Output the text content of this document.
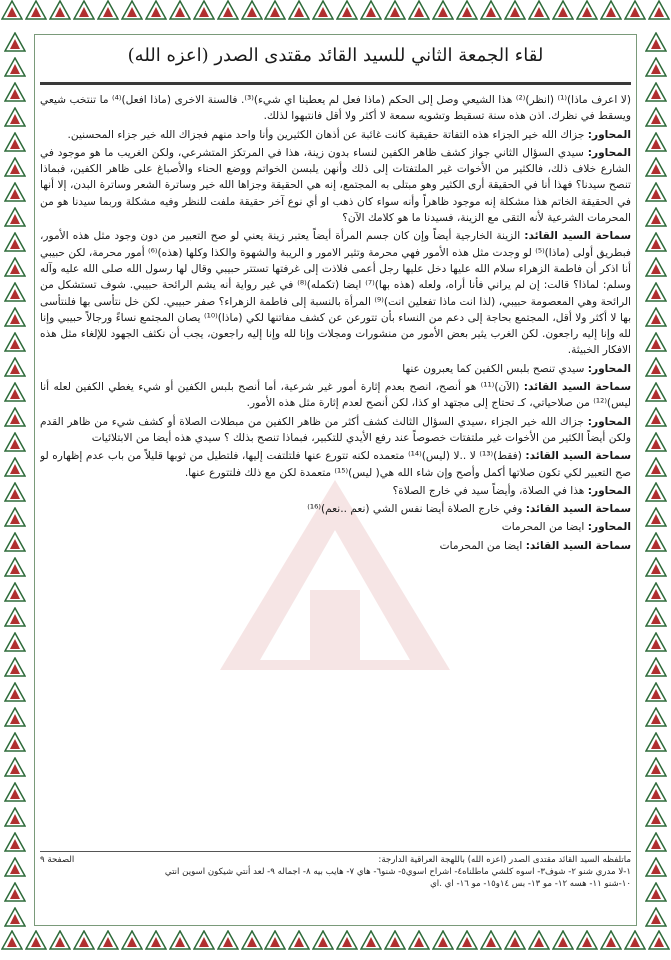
لقاء الجمعة الثاني للسيد القائد مقتدى الصدر (اعزه الله)

(لا اعرف ماذا)⁽¹⁾ (انظر)⁽²⁾ هذا الشيعي وصل إلى الحكم (ماذا فعل لم يعطينا اي شيء)⁽³⁾. فالسنة الاخرى (ماذا افعل)⁽⁴⁾ ما تنتخب شيعي ويسقط في نظرك. اذن هذه سنة تسقيط وتشويه سمعة لا أكثر ولا أقل فانتبهوا لذلك.

المحاور: جزاك الله خير الجزاء هذه التفاتة حقيقية كانت غائبة عن أذهان الكثيرين وأنا واحد منهم فجزاك الله خير جزاء المحسنين.

المحاور: سيدي السؤال الثاني جواز كشف ظاهر الكفين لنساء بدون زينة، هذا في المرتكز المتشرعي، ولكن الغريب ما هو موجود في الشارع خلاف ذلك، فالكثير من الأخوات غير الملتفتات إلى ذلك وأنهن يلبسن الخواتم ووضع الحناء والأصباغ على ظاهر الكفين، فبماذا تنصح سيدنا؟ فهذا أنا في الحقيقة أرى الكثير وهو مبتلى به المجتمع، إنه هي الحقيقة وجزاها الله خير وساترة الشعر وساترة البدن، إلا أنها في الحقيقة الخاتم هذا مشكلة إنه موجود ظاهراً وأنه سواء كان ذهب او أي نوع آخر حقيقة ملفت للنظر وفيه مشكلة وربما سيدنا هو من المحرمات الشرعية لأنه التقى مع الزينة، فسيدنا ما هو كلامك الآن؟

سماحة السيد القائد: الزينة الخارجية أيضاً وإن كان جسم المرأة أيضاً يعتبر زينة يعني لو صح التعبير من دون وجود مثل هذه الأمور، فبطريق أولى (ماذا)⁽⁵⁾ لو وجدت مثل هذه الأمور فهي محرمة وتثير الامور و الريبة والشهوة والكذا وكلها (هذه)⁽⁶⁾ أمور محرمة، لكن حبيبي أنا اذكر أن فاطمة الزهراء سلام الله عليها دخل عليها رجل أعمى فلاذت إلى غرفتها تستتر حبيبي وقال لها رسول الله صلى الله عليه وآله وسلم: لماذا؟ قالت: إن لم يراني فأنا أراه، ولعله (هذه بها)⁽⁷⁾ ايضا (تكمله)⁽⁸⁾ في غير رواية أنه يشم الرائحة حبيبي. شوف تستشكل من الرائحة وهي المعصومة حبيبي، (لذا انت ماذا تفعلين انت)⁽⁹⁾ المرأة بالنسبة إلى فاطمة الزهراء؟ صفر حبيبي. لكن خل نتأسى بها فلنتأسى بها لا أكثر ولا أقل، المجتمع بحاجة إلى دعم من النساء بأن تتورعن عن كشف مفاتنها لكي (ماذا)⁽¹⁰⁾ يصان المجتمع نساءً ورجالاً حبيبي وإنا لله وإنا إليه راجعون. لكن الغرب يثير بعض الأمور من منشورات ومجلات وإنا لله وإنا إليه راجعون، يجب أن نكثف الجهود للإلغاء مثل هذه الافكار الخبيثة.

المحاور: سيدي تنصح بلبس الكفين كما يعبرون عنها

سماحة السيد القائد: (الآن)⁽¹¹⁾ هو أنصح، انصح بعدم إثارة أمور غير شرعية، أما أنصح بلبس الكفين أو شيء يغطي الكفين لعله أنا ليس)⁽¹²⁾ من صلاحياتي، كـ تحتاج إلى مجتهد او كذا، لكن أنصح لعدم إثارة مثل هذه الأمور.

المحاور: جزاك الله خير الجزاء ،سيدي السؤال الثالث كشف أكثر من ظاهر الكفين من مبطلات الصلاة أو كشف شيء من ظاهر القدم ولكن أيضاً الكثير من الأخوات غير ملتفتات خصوصاً عند رفع الأيدي للتكبير، فبماذا تنصح بذلك ؟ سيدي هذه أيضا من الابتلائيات

سماحة السيد القائد: (فقط)⁽¹³⁾ لا ..لا (ليس)⁽¹⁴⁾ متعمده لكنه تتورع عنها فلتلتفت إليها، فلتطيل من ثوبها قليلاً من باب عدم إظهاره لو صح التعبير لكي تكون صلاتها أكمل وأصح وإن شاء الله هي( ليس)⁽¹⁵⁾ متعمدة لكن مع ذلك فلتتورع عنها.

المحاور: هذا في الصلاة، وأيضاً سيد في خارج الصلاة؟

سماحة السيد القائد: وفي خارج الصلاة أيضا نفس الشي (نعم ..نعم)⁽¹⁶⁾

المحاور: ايضا من المحرمات

سماحة السيد القائد: ايضا من المحرمات

ماتلفظه السيد القائد مقتدى الصدر (اعزه الله) باللهجة العراقية الدارجة:
الصفحة ٩
١-لا مدري شنو ٢- شوف٣- اسوه كلشي ماطلناه٤- اشراح اسوي٥- شنو٦- هاي ٧- هايب بيه ٨- اجماله ٩- لعد أنتي شيكون اسوين انتي
١٠-شنو ١١- هسه ١٢- مو ١٣- بس ١٤و١٥- مو ١٦- اي .اي
